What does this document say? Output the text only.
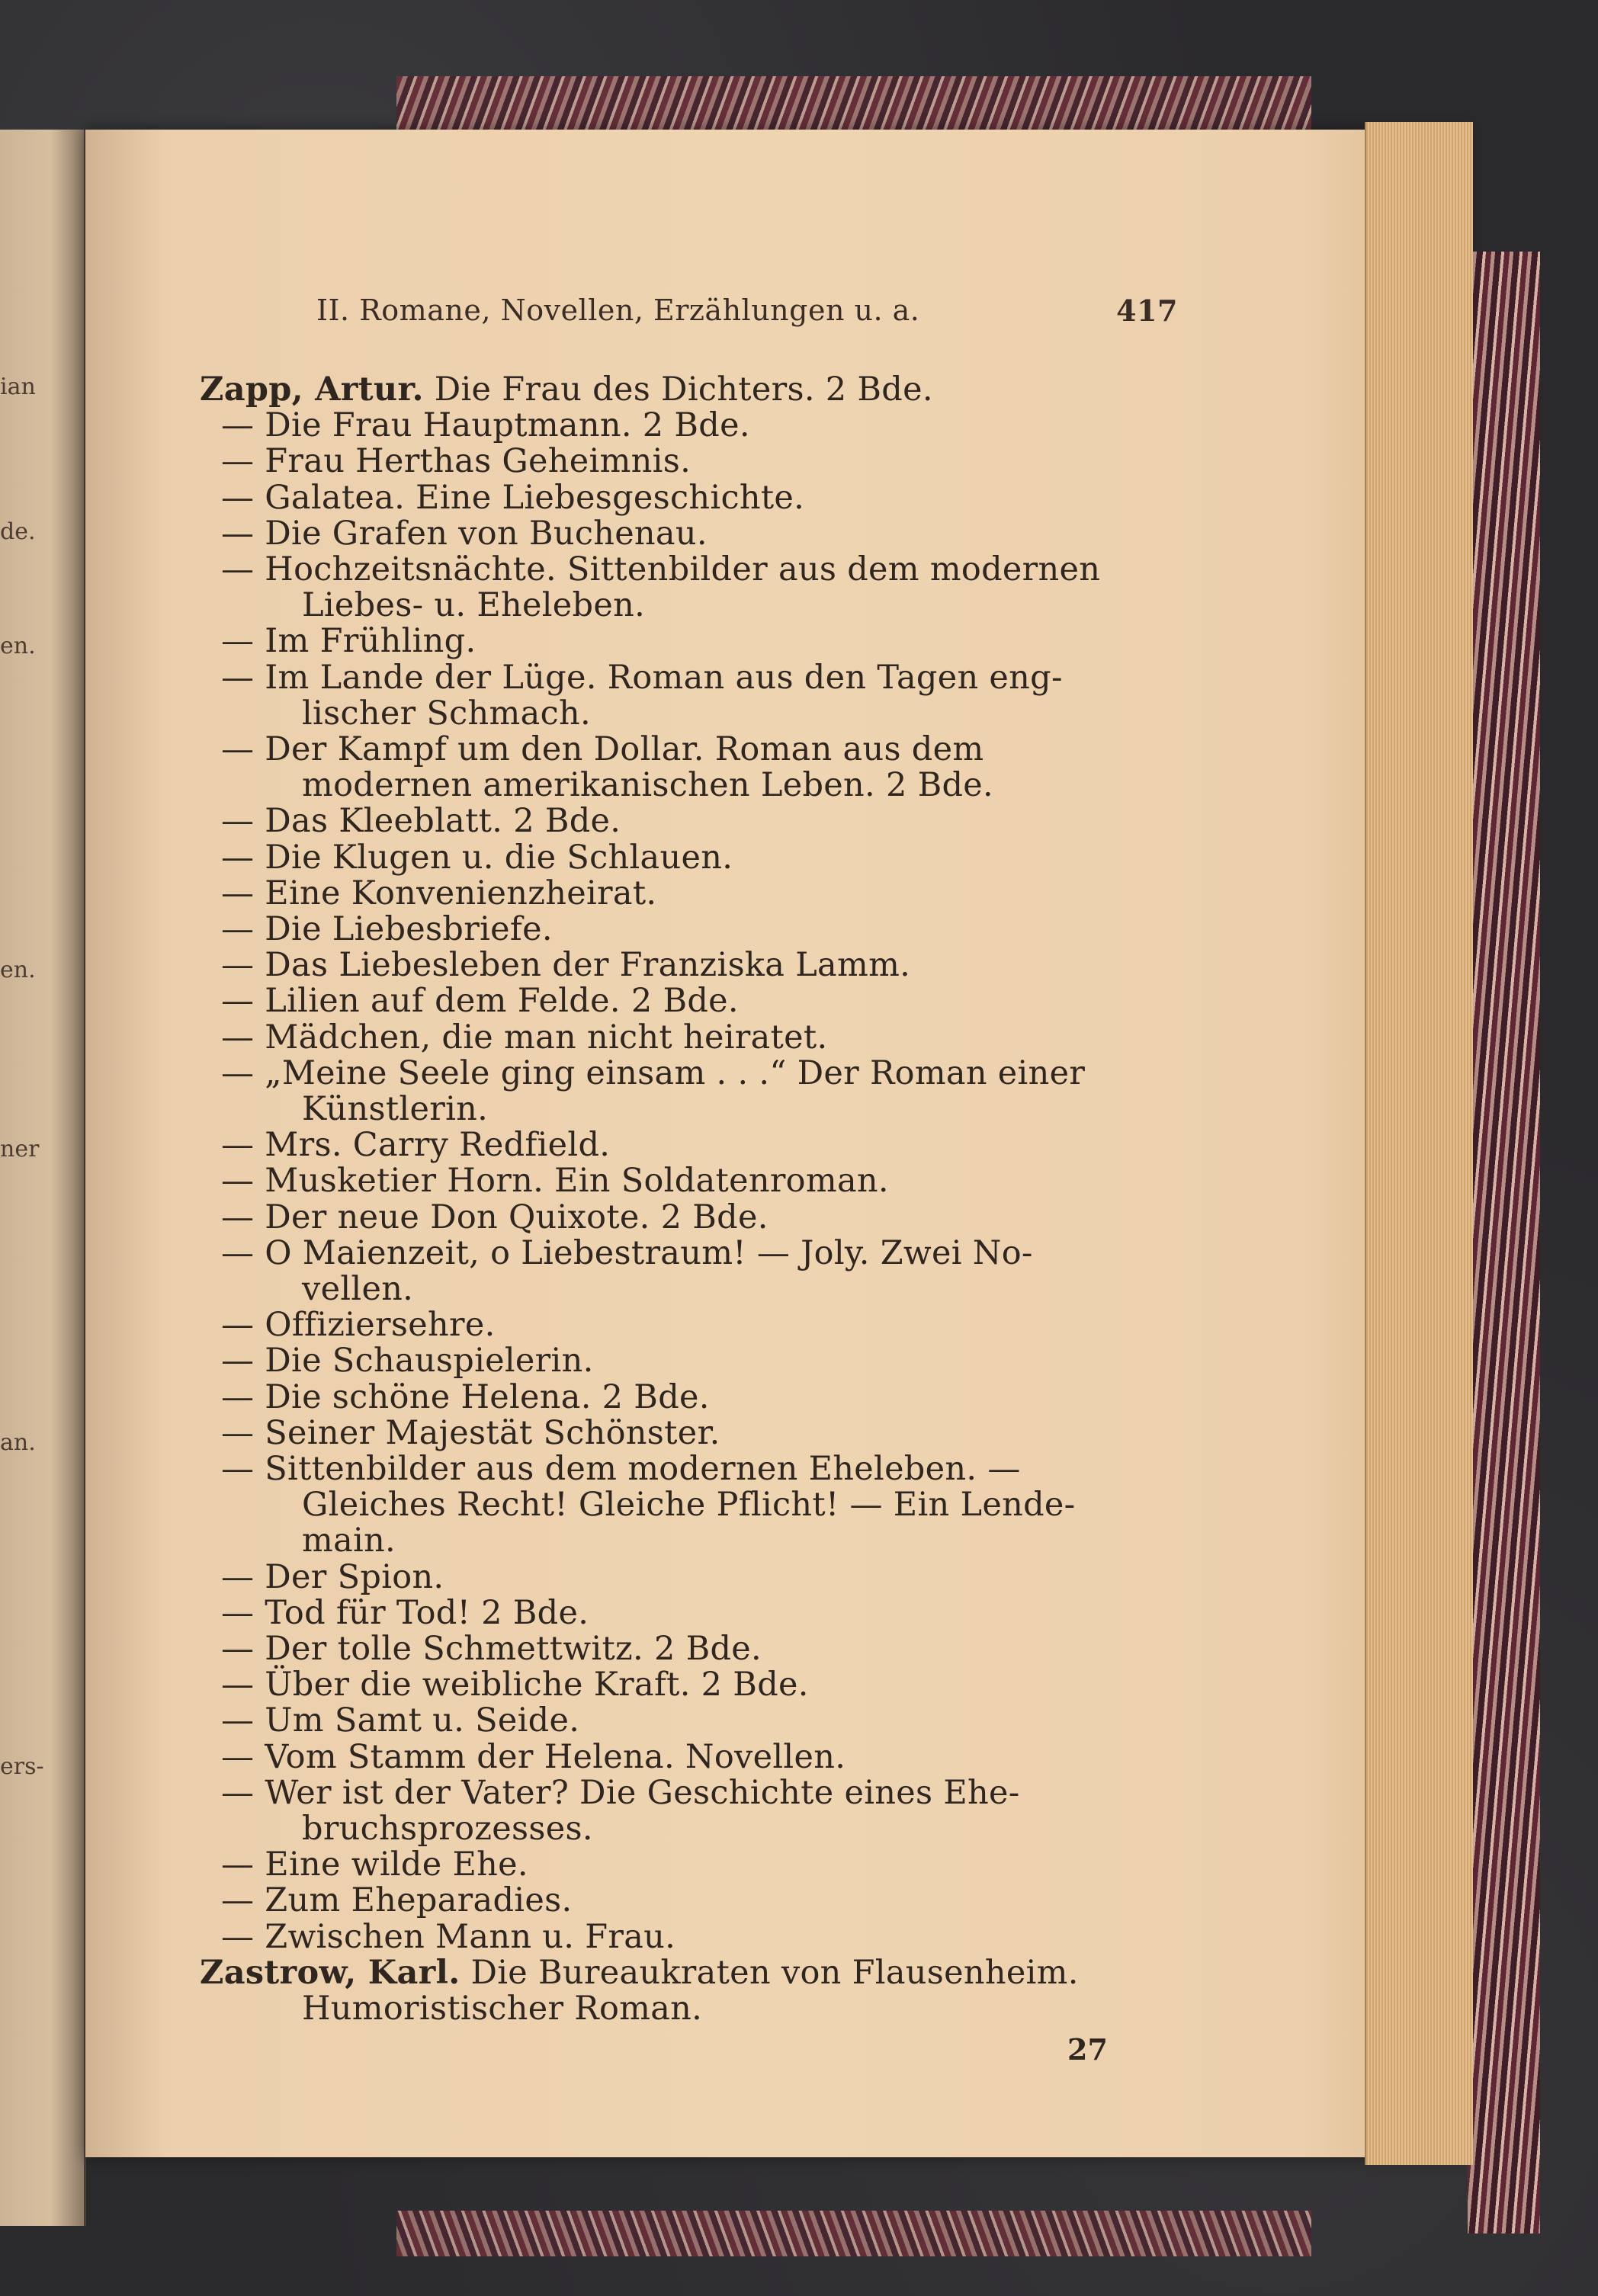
ian
de.
en.
en.
ner
an.
ers-
II. Romane, Novellen, Erzählungen u. a.	417
Zapp, Artur. Die Frau des Dichters. 2 Bde.
— Die Frau Hauptmann. 2 Bde.
— Frau Herthas Geheimnis.
— Galatea. Eine Liebesgeschichte.
— Die Grafen von Buchenau.
— Hochzeitsnächte. Sittenbilder aus dem modernen
Liebes- u. Eheleben.
— Im Frühling.
— Im Lande der Lüge. Roman aus den Tagen eng-
lischer Schmach.
— Der Kampf um den Dollar. Roman aus dem
modernen amerikanischen Leben. 2 Bde.
— Das Kleeblatt. 2 Bde.
— Die Klugen u. die Schlauen.
— Eine Konvenienzheirat.
— Die Liebesbriefe.
— Das Liebesleben der Franziska Lamm.
— Lilien auf dem Felde. 2 Bde.
— Mädchen, die man nicht heiratet.
— „Meine Seele ging einsam . . .“ Der Roman einer
Künstlerin.
— Mrs. Carry Redfield.
— Musketier Horn. Ein Soldatenroman.
— Der neue Don Quixote. 2 Bde.
— O Maienzeit, o Liebestraum! — Joly. Zwei No-
vellen.
— Offiziersehre.
— Die Schauspielerin.
— Die schöne Helena. 2 Bde.
— Seiner Majestät Schönster.
— Sittenbilder aus dem modernen Eheleben. —
Gleiches Recht! Gleiche Pflicht! — Ein Lende-
main.
— Der Spion.
— Tod für Tod! 2 Bde.
— Der tolle Schmettwitz. 2 Bde.
— Über die weibliche Kraft. 2 Bde.
— Um Samt u. Seide.
— Vom Stamm der Helena. Novellen.
— Wer ist der Vater? Die Geschichte eines Ehe-
bruchsprozesses.
— Eine wilde Ehe.
— Zum Eheparadies.
— Zwischen Mann u. Frau.
Zastrow, Karl. Die Bureaukraten von Flausenheim.
Humoristischer Roman.
27
